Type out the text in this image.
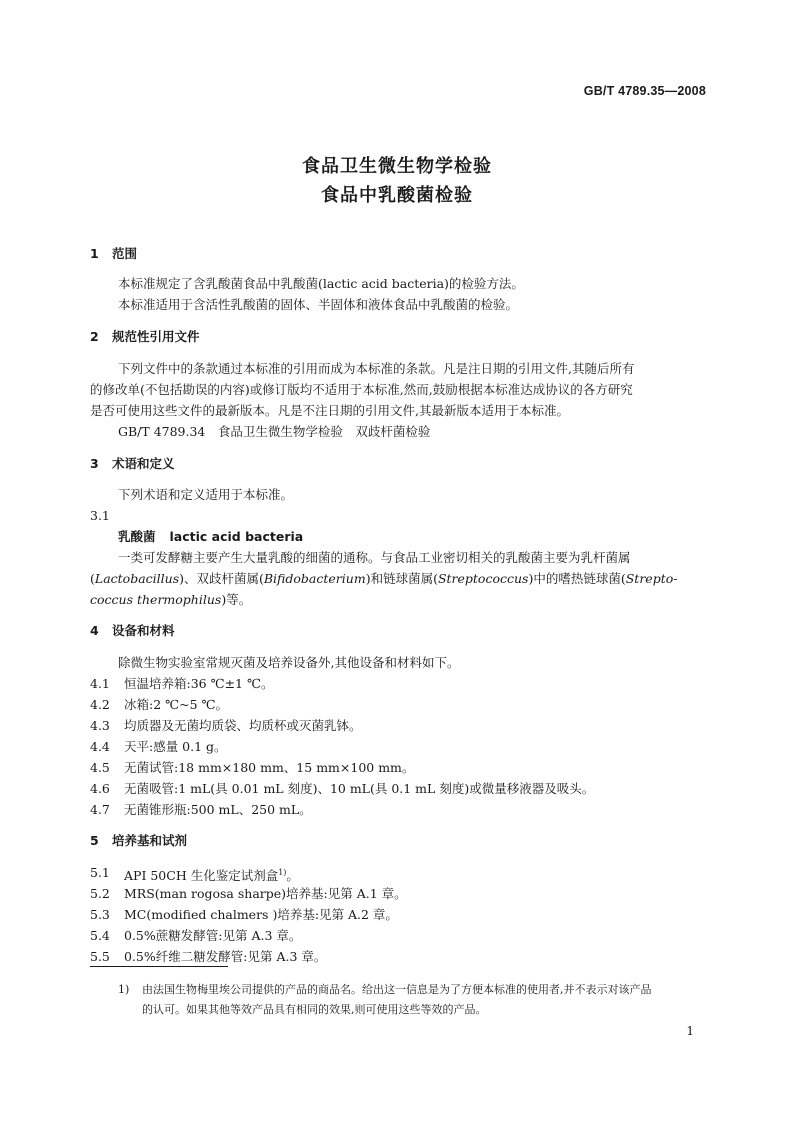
GB/T 4789.35—2008
食品卫生微生物学检验
食品中乳酸菌检验
1 范围
本标准规定了含乳酸菌食品中乳酸菌(lactic acid bacteria)的检验方法。
本标准适用于含活性乳酸菌的固体、半固体和液体食品中乳酸菌的检验。
2 规范性引用文件
下列文件中的条款通过本标准的引用而成为本标准的条款。凡是注日期的引用文件,其随后所有
的修改单(不包括勘误的内容)或修订版均不适用于本标准,然而,鼓励根据本标准达成协议的各方研究
是否可使用这些文件的最新版本。凡是不注日期的引用文件,其最新版本适用于本标准。
GB/T 4789.34　食品卫生微生物学检验　双歧杆菌检验
3 术语和定义
下列术语和定义适用于本标准。
3.1
乳酸菌 lactic acid bacteria
一类可发酵糖主要产生大量乳酸的细菌的通称。与食品工业密切相关的乳酸菌主要为乳杆菌属
(Lactobacillus)、双歧杆菌属(Bifidobacterium)和链球菌属(Streptococcus)中的嗜热链球菌(Strepto-
coccus thermophilus)等。
4 设备和材料
除微生物实验室常规灭菌及培养设备外,其他设备和材料如下。
4.1 恒温培养箱:36 ℃±1 ℃。
4.2 冰箱:2 ℃~5 ℃。
4.3 均质器及无菌均质袋、均质杯或灭菌乳钵。
4.4 天平:感量 0.1 g。
4.5 无菌试管:18 mm×180 mm、15 mm×100 mm。
4.6 无菌吸管:1 mL(具 0.01 mL 刻度)、10 mL(具 0.1 mL 刻度)或微量移液器及吸头。
4.7 无菌锥形瓶:500 mL、250 mL。
5 培养基和试剂
5.1 API 50CH 生化鉴定试剂盒$^{1)}$。
5.2 MRS(man rogosa sharpe)培养基:见第 A.1 章。
5.3 MC(modified chalmers )培养基:见第 A.2 章。
5.4 0.5%蔗糖发酵管:见第 A.3 章。
5.5 0.5%纤维二糖发酵管:见第 A.3 章。
1) 由法国生物梅里埃公司提供的产品的商品名。给出这一信息是为了方便本标准的使用者,并不表示对该产品
的认可。如果其他等效产品具有相同的效果,则可使用这些等效的产品。
1
